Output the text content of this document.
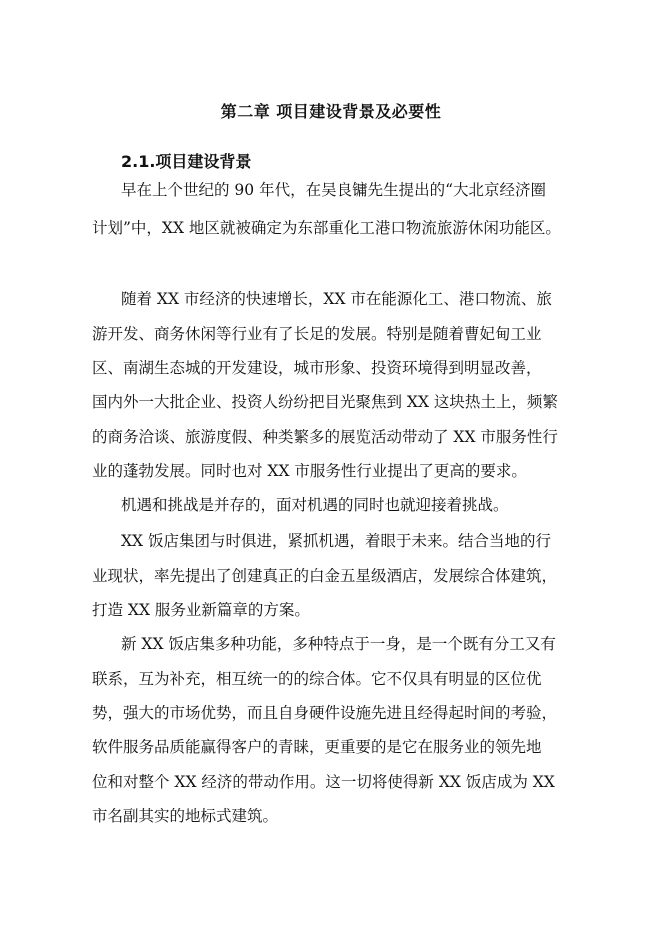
第二章 项目建设背景及必要性
2.1.项目建设背景
早在上个世纪的 90 年代，在吴良镛先生提出的“大北京经济圈
计划”中，XX 地区就被确定为东部重化工港口物流旅游休闲功能区。
随着 XX 市经济的快速增长，XX 市在能源化工、港口物流、旅
游开发、商务休闲等行业有了长足的发展。特别是随着曹妃甸工业
区、南湖生态城的开发建设，城市形象、投资环境得到明显改善，
国内外一大批企业、投资人纷纷把目光聚焦到 XX 这块热土上，频繁
的商务洽谈、旅游度假、种类繁多的展览活动带动了 XX 市服务性行
业的蓬勃发展。同时也对 XX 市服务性行业提出了更高的要求。
机遇和挑战是并存的，面对机遇的同时也就迎接着挑战。
XX 饭店集团与时俱进，紧抓机遇，着眼于未来。结合当地的行
业现状，率先提出了创建真正的白金五星级酒店，发展综合体建筑，
打造 XX 服务业新篇章的方案。
新 XX 饭店集多种功能，多种特点于一身，是一个既有分工又有
联系，互为补充，相互统一的的综合体。它不仅具有明显的区位优
势，强大的市场优势，而且自身硬件设施先进且经得起时间的考验，
软件服务品质能赢得客户的青睐，更重要的是它在服务业的领先地
位和对整个 XX 经济的带动作用。这一切将使得新 XX 饭店成为 XX
市名副其实的地标式建筑。
